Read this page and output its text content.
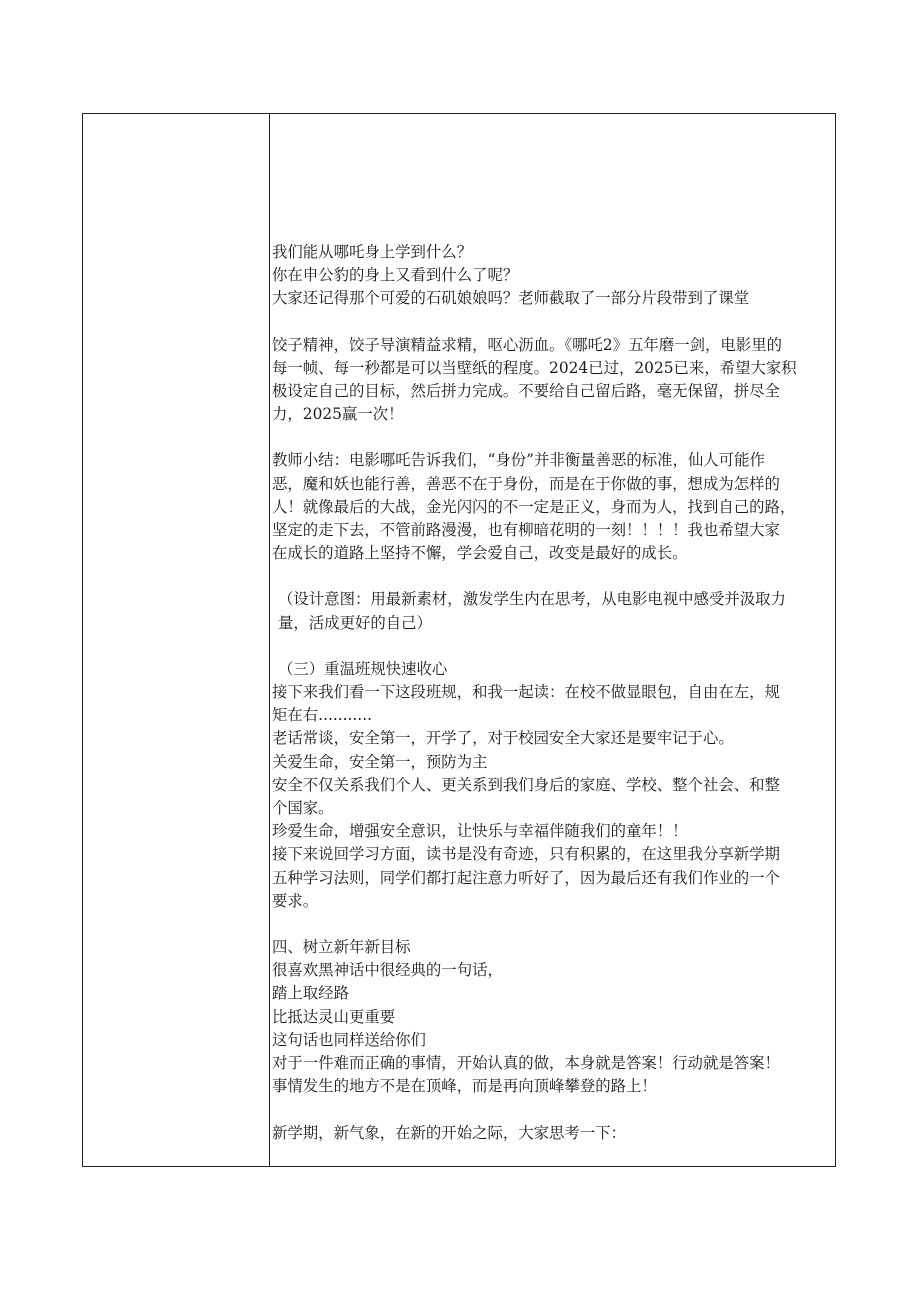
我们能从哪吒身上学到什么？

你在申公豹的身上又看到什么了呢？

大家还记得那个可爱的石矶娘娘吗？老师截取了一部分片段带到了课堂

饺子精神，饺子导演精益求精，呕心沥血。《哪吒2》五年磨一剑，电影里的

每一帧、每一秒都是可以当壁纸的程度。2024已过，2025已来，希望大家积

极设定自己的目标，然后拼力完成。不要给自己留后路，毫无保留，拼尽全

力，2025赢一次！

教师小结：电影哪吒告诉我们，“身份”并非衡量善恶的标准，仙人可能作

恶，魔和妖也能行善，善恶不在于身份，而是在于你做的事，想成为怎样的

人！就像最后的大战，金光闪闪的不一定是正义，身而为人，找到自己的路，

坚定的走下去，不管前路漫漫，也有柳暗花明的一刻！！！！我也希望大家

在成长的道路上坚持不懈，学会爱自己，改变是最好的成长。

（设计意图：用最新素材，激发学生内在思考，从电影电视中感受并汲取力

量，活成更好的自己）

（三）重温班规快速收心

接下来我们看一下这段班规，和我一起读：在校不做显眼包，自由在左，规

矩在右...........

老话常谈，安全第一，开学了，对于校园安全大家还是要牢记于心。

关爱生命，安全第一，预防为主

安全不仅关系我们个人、更关系到我们身后的家庭、学校、整个社会、和整

个国家。

珍爱生命，增强安全意识，让快乐与幸福伴随我们的童年！！

接下来说回学习方面，读书是没有奇迹，只有积累的，在这里我分享新学期

五种学习法则，同学们都打起注意力听好了，因为最后还有我们作业的一个

要求。

四、树立新年新目标

很喜欢黑神话中很经典的一句话，

踏上取经路

比抵达灵山更重要

这句话也同样送给你们

对于一件难而正确的事情，开始认真的做，本身就是答案！行动就是答案！

事情发生的地方不是在顶峰，而是再向顶峰攀登的路上！

新学期，新气象，在新的开始之际，大家思考一下：
